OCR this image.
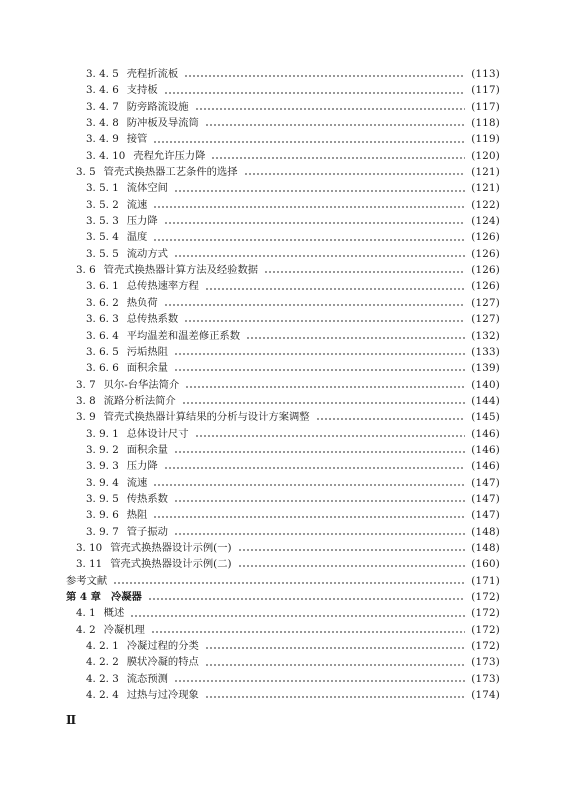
3. 4. 5 壳程折流板	(113)
3. 4. 6 支持板	(117)
3. 4. 7 防旁路流设施	(117)
3. 4. 8 防冲板及导流筒	(118)
3. 4. 9 接管	(119)
3. 4. 10 壳程允许压力降	(120)
3. 5 管壳式换热器工艺条件的选择	(121)
3. 5. 1 流体空间	(121)
3. 5. 2 流速	(122)
3. 5. 3 压力降	(124)
3. 5. 4 温度	(126)
3. 5. 5 流动方式	(126)
3. 6 管壳式换热器计算方法及经验数据	(126)
3. 6. 1 总传热速率方程	(126)
3. 6. 2 热负荷	(127)
3. 6. 3 总传热系数	(127)
3. 6. 4 平均温差和温差修正系数	(132)
3. 6. 5 污垢热阻	(133)
3. 6. 6 面积余量	(139)
3. 7 贝尔-台华法简介	(140)
3. 8 流路分析法简介	(144)
3. 9 管壳式换热器计算结果的分析与设计方案调整	(145)
3. 9. 1 总体设计尺寸	(146)
3. 9. 2 面积余量	(146)
3. 9. 3 压力降	(146)
3. 9. 4 流速	(147)
3. 9. 5 传热系数	(147)
3. 9. 6 热阻	(147)
3. 9. 7 管子振动	(148)
3. 10 管壳式换热器设计示例(一)	(148)
3. 11 管壳式换热器设计示例(二)	(160)
参考文献	(171)
第 4 章 冷凝器	(172)
4. 1 概述	(172)
4. 2 冷凝机理	(172)
4. 2. 1 冷凝过程的分类	(172)
4. 2. 2 膜状冷凝的特点	(173)
4. 2. 3 流态预测	(173)
4. 2. 4 过热与过冷现象	(174)
Ⅱ
